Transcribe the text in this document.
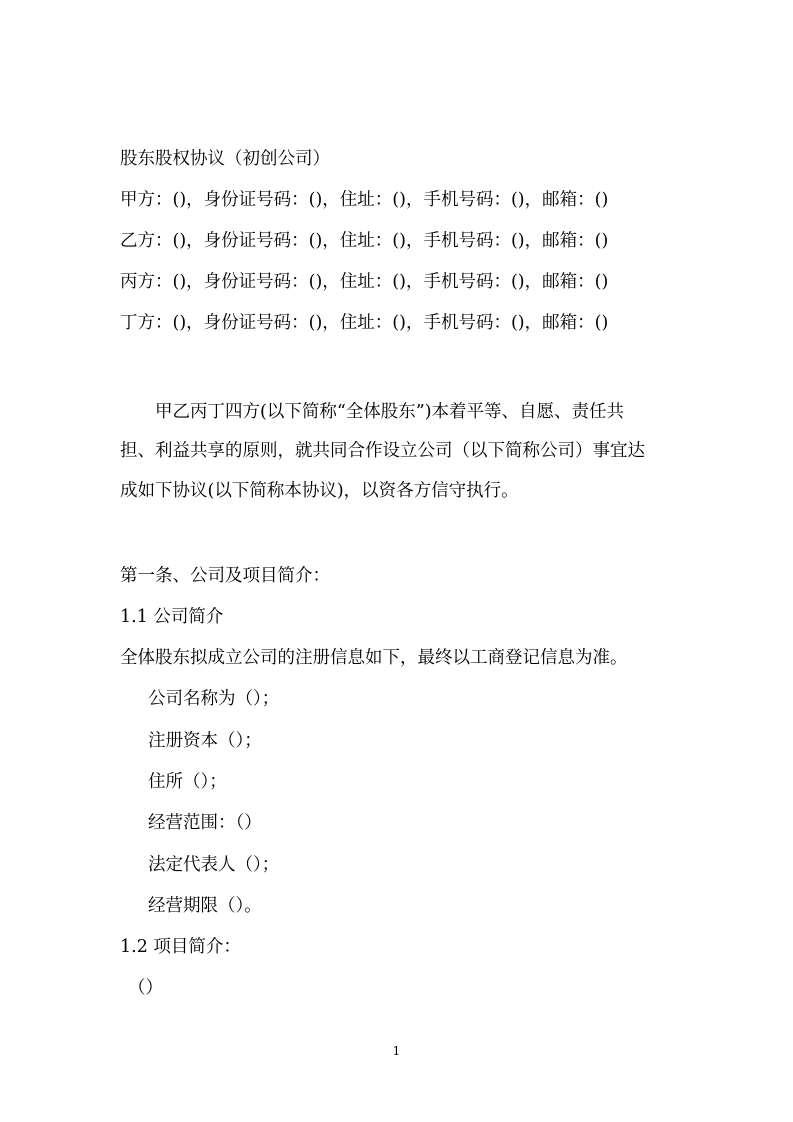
股东股权协议（初创公司）
甲方：()，身份证号码：()，住址：()，手机号码：()，邮箱：()
乙方：()，身份证号码：()，住址：()，手机号码：()，邮箱：()
丙方：()，身份证号码：()，住址：()，手机号码：()，邮箱：()
丁方：()，身份证号码：()，住址：()，手机号码：()，邮箱：()
甲乙丙丁四方(以下简称“全体股东”)本着平等、自愿、责任共
担、利益共享的原则，就共同合作设立公司（以下简称公司）事宜达
成如下协议(以下简称本协议)，以资各方信守执行。
第一条、公司及项目简介：
1.1 公司简介
全体股东拟成立公司的注册信息如下，最终以工商登记信息为准。
公司名称为（）；
注册资本（）；
住所（）；
经营范围：（）
法定代表人（）；
经营期限（）。
1.2 项目简介：
（）
1
